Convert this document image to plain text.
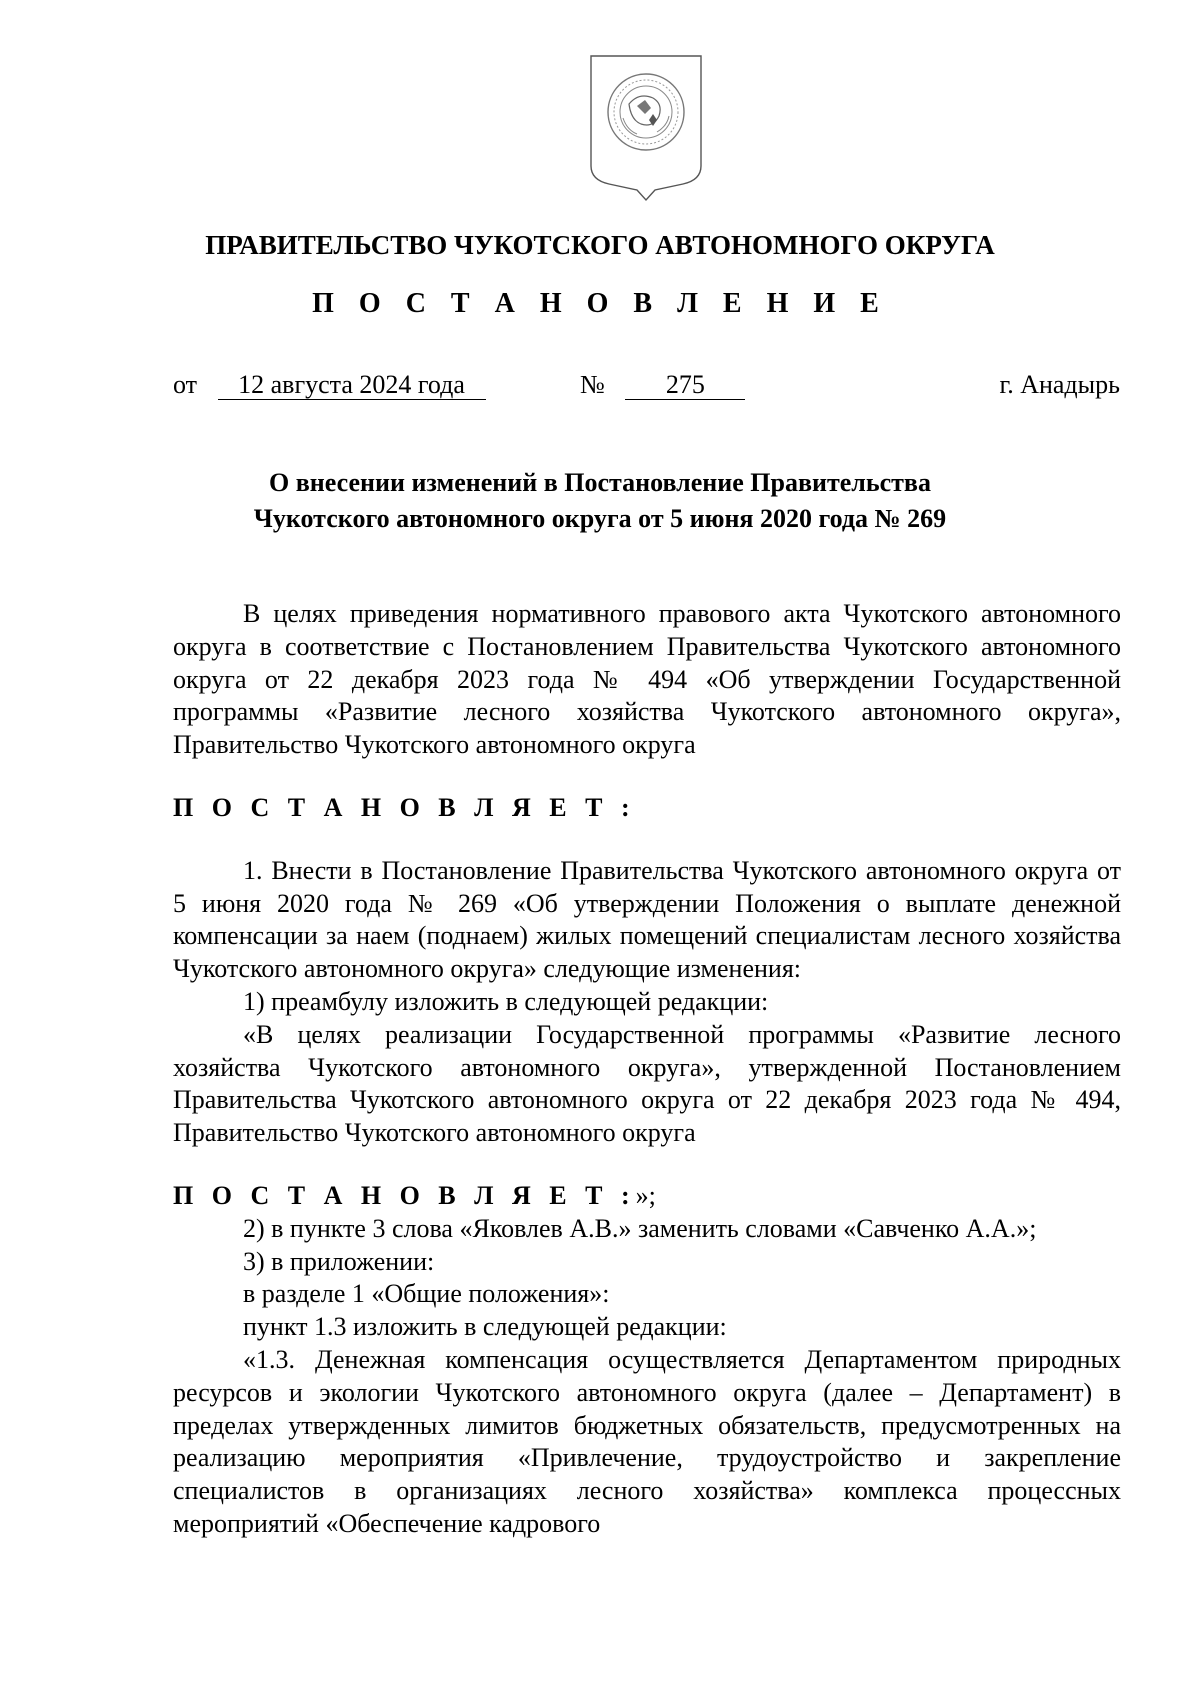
ПРАВИТЕЛЬСТВО ЧУКОТСКОГО АВТОНОМНОГО ОКРУГА
П О С Т А Н О В Л Е Н И Е
от 12 августа 2024 года	№ 275	г. Анадырь
О внесении изменений в Постановление Правительства
Чукотского автономного округа от 5 июня 2020 года № 269

В целях приведения нормативного правового акта Чукотского автономного округа в соответствие с Постановлением Правительства Чукотского автономного округа от 22 декабря 2023 года № 494 «Об утверждении Государственной программы «Развитие лесного хозяйства Чукотского автономного округа», Правительство Чукотского автономного округа

П О С Т А Н О В Л Я Е Т :

1. Внести в Постановление Правительства Чукотского автономного округа от 5 июня 2020 года № 269 «Об утверждении Положения о выплате денежной компенсации за наем (поднаем) жилых помещений специалистам лесного хозяйства Чукотского автономного округа» следующие изменения:

1) преамбулу изложить в следующей редакции:

«В целях реализации Государственной программы «Развитие лесного хозяйства Чукотского автономного округа», утвержденной Постановлением Правительства Чукотского автономного округа от 22 декабря 2023 года № 494, Правительство Чукотского автономного округа

П О С Т А Н О В Л Я Е Т :»;

2) в пункте 3 слова «Яковлев А.В.» заменить словами «Савченко А.А.»;

3) в приложении:

в разделе 1 «Общие положения»:

пункт 1.3 изложить в следующей редакции:

«1.3. Денежная компенсация осуществляется Департаментом природных ресурсов и экологии Чукотского автономного округа (далее – Департамент) в пределах утвержденных лимитов бюджетных обязательств, предусмотренных на реализацию мероприятия «Привлечение, трудоустройство и закрепление специалистов в организациях лесного хозяйства» комплекса процессных мероприятий «Обеспечение кадрового
